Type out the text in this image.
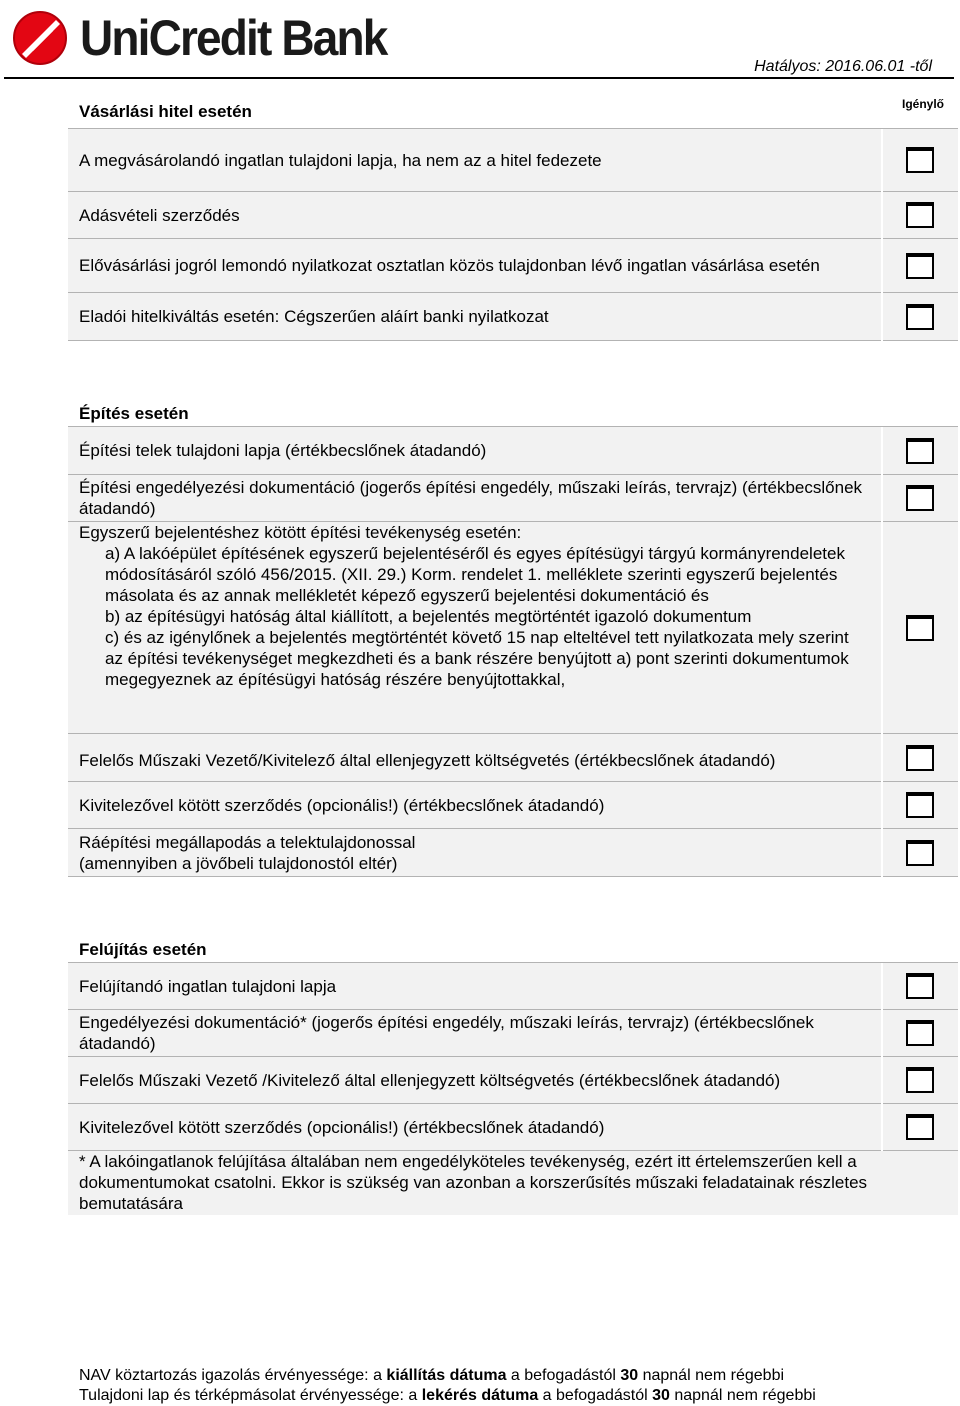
UniCredit Bank
Hatályos: 2016.06.01 -től
Igénylő
Vásárlási hitel esetén
A megvásárolandó ingatlan tulajdoni lapja, ha nem az a hitel fedezete
Adásvételi szerződés
Elővásárlási jogról lemondó nyilatkozat osztatlan közös tulajdonban lévő ingatlan vásárlása esetén
Eladói hitelkiváltás esetén: Cégszerűen aláírt banki nyilatkozat
Építés esetén
Építési telek tulajdoni lapja (értékbecslőnek átadandó)
Építési engedélyezési dokumentáció (jogerős építési engedély, műszaki leírás, tervrajz) (értékbecslőnek átadandó)
Egyszerű bejelentéshez kötött építési tevékenység esetén:
a) A lakóépület építésének egyszerű bejelentéséről és egyes építésügyi tárgyú kormányrendeletek módosításáról szóló 456/2015. (XII. 29.) Korm. rendelet 1. melléklete szerinti egyszerű bejelentés másolata és az annak mellékletét képező egyszerű bejelentési dokumentáció és
b) az építésügyi hatóság által kiállított, a bejelentés megtörténtét igazoló dokumentum
c) és az igénylőnek a bejelentés megtörténtét követő 15 nap elteltével tett nyilatkozata mely szerint az építési tevékenységet megkezdheti és a bank részére benyújtott a) pont szerinti dokumentumok megegyeznek az építésügyi hatóság részére benyújtottakkal,
Felelős Műszaki Vezető/Kivitelező által ellenjegyzett költségvetés (értékbecslőnek átadandó)
Kivitelezővel kötött szerződés (opcionális!) (értékbecslőnek átadandó)
Ráépítési megállapodás a telektulajdonossal
(amennyiben a jövőbeli tulajdonostól eltér)
Felújítás esetén
Felújítandó ingatlan tulajdoni lapja
Engedélyezési dokumentáció* (jogerős építési engedély, műszaki leírás, tervrajz) (értékbecslőnek átadandó)
Felelős Műszaki Vezető /Kivitelező által ellenjegyzett költségvetés (értékbecslőnek átadandó)
Kivitelezővel kötött szerződés (opcionális!) (értékbecslőnek átadandó)
* A lakóingatlanok felújítása általában nem engedélyköteles tevékenység, ezért itt értelemszerűen kell a dokumentumokat csatolni. Ekkor is szükség van azonban a korszerűsítés műszaki feladatainak részletes bemutatására
NAV köztartozás igazolás érvényessége: a kiállítás dátuma a befogadástól 30 napnál nem régebbi
Tulajdoni lap és térképmásolat érvényessége: a lekérés dátuma a befogadástól 30 napnál nem régebbi
